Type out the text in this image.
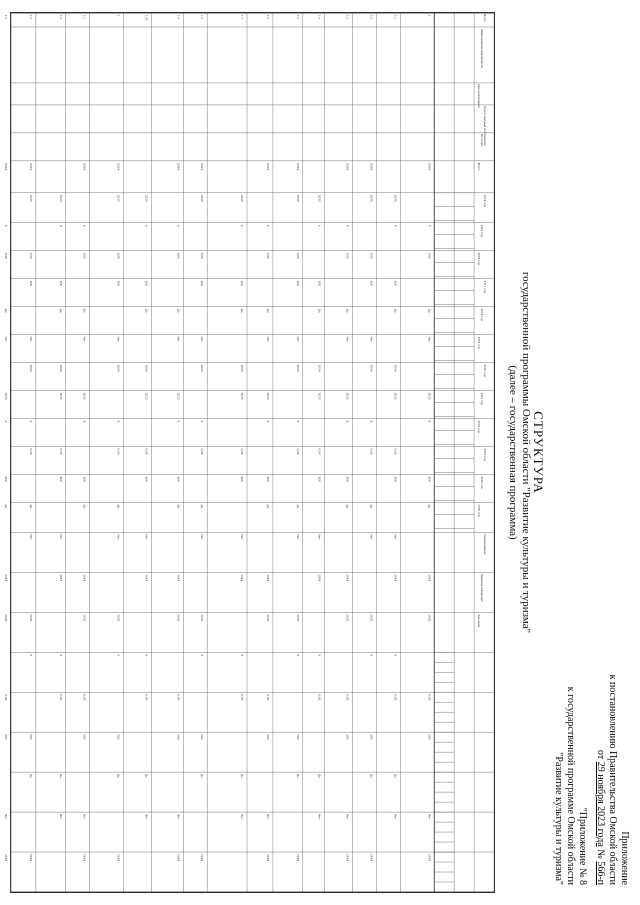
Приложение
к постановлению Правительства Омской области
от 29 ноября 2023 года № 566-п
"Приложение № 8
к государственной программе Омской области
"Развитие культуры и туризма"
СТРУКТУРА
государственной программы Омской области "Развитие культуры и туризма"
(далее – государственная программа)
№ п/п
Наименование мероприятия
Срок реализации
Ответственный исполнитель
Источник
Всего
2014 год
2015 год
2016 год
2017 год
2018 год
2019 год
2020 год
2021 год
2022 год
2023 год
2024 год
2025 год
Наименование
Единица измерения
Значение
1
2014
Х
0,00
Да
Нет
2025
Х
100
Да
2014
2025
0,00
100
Нет
2014
1.1
2025
Х
100
Да
2014
2025
0,00
100
Нет
2014
Х
0,00
Да
Нет
1.2
2014
2025
0,00
100
Нет
2014
Х
0,00
Да
Нет
2025
Х
100
Да
2014
1.3
2014
Х
0,00
Да
Нет
2025
Х
100
Да
2014
2025
0,00
100
Нет
2014
1.4
2025
Х
100
Да
2014
2025
0,00
100
Нет
2014
Х
0,00
Да
Нет
1.5
2014
2025
0,00
100
Нет
2014
Х
0,00
Да
Нет
2025
Х
100
Да
2014
1.6
2014
Х
0,00
Да
Нет
2025
Х
100
Да
2014
2025
0,00
100
Нет
2014
1.7
2025
Х
100
Да
2014
2025
0,00
100
Нет
2014
Х
0,00
Да
Нет
1.8
2014
2025
0,00
100
Нет
2014
Х
0,00
Да
Нет
2025
Х
100
Да
2014
1.9
2014
Х
0,00
Да
Нет
2025
Х
100
Да
2014
2025
0,00
100
Нет
2014
1.10
2025
Х
100
Да
2014
2025
0,00
100
Нет
2014
Х
0,00
Да
Нет
1
2014
2025
0,00
100
Нет
2014
Х
0,00
Да
Нет
2025
Х
100
Да
2014
1.1
2014
Х
0,00
Да
Нет
2025
Х
100
Да
2014
2025
0,00
100
Нет
2014
1.2
2025
Х
100
Да
2014
2025
0,00
100
Нет
2014
Х
0,00
Да
Нет
1.3
2014
2025
0,00
100
Нет
2014
Х
0,00
Да
Нет
2025
Х
100
Да
2014
1.4
2014
Х
0,00
Да
Нет
2025
Х
100
Да
2014
2025
0,00
100
Нет
2014
